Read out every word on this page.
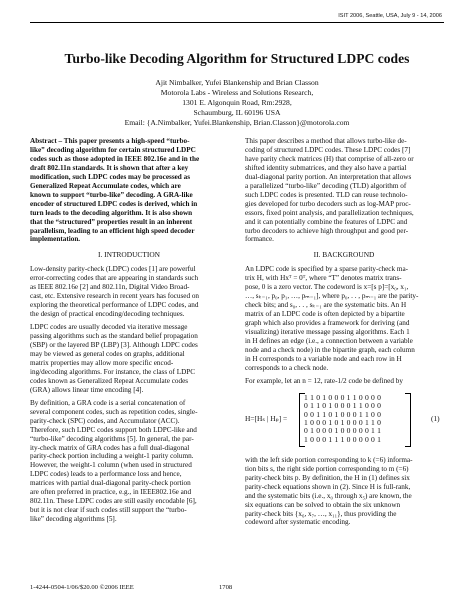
ISIT 2006, Seattle, USA, July 9 - 14, 2006
Turbo-like Decoding Algorithm for Structured LDPC codes
Ajit Nimbalker, Yufei Blankenship and Brian Classon
Motorola Labs - Wireless and Solutions Research,
1301 E. Algonquin Road, Rm:2928,
Schaumburg, IL 60196 USA
Email: {A.Nimbalker, Yufei.Blankenship, Brian.Classon}@motorola.com

Abstract – This paper presents a high-speed “turbo-

like” decoding algorithm for certain structured LDPC

codes such as those adopted in IEEE 802.16e and in the

draft 802.11n standards. It is shown that after a key

modification, such LDPC codes may be processed as

Generalized Repeat Accumulate codes, which are

known to support “turbo-like” decoding. A GRA-like

encoder of structured LDPC codes is derived, which in

turn leads to the decoding algorithm. It is also shown

that the “structured” properties result in an inherent

parallelism, leading to an efficient high speed decoder

implementation.

I. INTRODUCTION

Low-density parity-check (LDPC) codes [1] are powerful

error-correcting codes that are appearing in standards such

as IEEE 802.16e [2] and 802.11n, Digital Video Broad-

cast, etc. Extensive research in recent years has focused on

exploring the theoretical performance of LDPC codes, and

the design of practical encoding/decoding techniques.

LDPC codes are usually decoded via iterative message

passing algorithms such as the standard belief propagation

(SBP) or the layered BP (LBP) [3]. Although LDPC codes

may be viewed as general codes on graphs, additional

matrix properties may allow more specific encod-

ing/decoding algorithms. For instance, the class of LDPC

codes known as Generalized Repeat Accumulate codes

(GRA) allows linear time encoding [4].

By definition, a GRA code is a serial concatenation of

several component codes, such as repetition codes, single-

parity-check (SPC) codes, and Accumulator (ACC).

Therefore, such LDPC codes support both LDPC-like and

“turbo-like” decoding algorithms [5]. In general, the par-

ity-check matrix of GRA codes has a full dual-diagonal

parity-check portion including a weight-1 parity column.

However, the weight-1 column (when used in structured

LDPC codes) leads to a performance loss and hence,

matrices with partial dual-diagonal parity-check portion

are often preferred in practice, e.g., in IEEE802.16e and

802.11n. These LDPC codes are still easily encodable [6],

but it is not clear if such codes still support the “turbo-

like” decoding algorithms [5].

This paper describes a method that allows turbo-like de-

coding of structured LDPC codes. These LDPC codes [7]

have parity check matrices (H) that comprise of all-zero or

shifted identity submatrices, and they also have a partial

dual-diagonal parity portion. An interpretation that allows

a parallelized “turbo-like” decoding (TLD) algorithm of

such LDPC codes is presented. TLD can reuse technolo-

gies developed for turbo decoders such as log-MAP proc-

essors, fixed point analysis, and parallelization techniques,

and it can potentially combine the features of LDPC and

turbo decoders to achieve high throughput and good per-

formance.

II. BACKGROUND

An LDPC code is specified by a sparse parity-check ma-

trix H, with Hxᵀ = 0ᵀ, where “T” denotes matrix trans-

pose, 0 is a zero vector. The codeword is x=[s p]=[x₀, x₁,

…, sₖ₋₁, p₀, p₁, …, pₘ₋₁], where p₀, . . , pₘ₋₁ are the parity-

check bits; and s₀, . . , sₖ₋₁ are the systematic bits. An H

matrix of an LDPC code is often depicted by a bipartite

graph which also provides a framework for deriving (and

visualizing) iterative message passing algorithms. Each 1

in H defines an edge (i.e., a connection between a variable

node and a check node) in the bipartite graph, each column

in H corresponds to a variable node and each row in H

corresponds to a check node.

For example, let an n = 12, rate-1/2 code be defined by

H=[Hₛ | Hₚ] =
1 1 0 1 0 0 0 1 1 0 0 0 0
0 1 1 0 1 0 0 0 1 1 0 0 0
0 0 1 1 0 1 0 0 0 1 1 0 0
1 0 0 0 1 0 1 0 0 0 1 1 0
0 1 0 0 0 1 0 0 0 0 0 1 1
1 0 0 0 1 1 1 0 0 0 0 0 1
(1)

with the left side portion corresponding to k (=6) informa-

tion bits s, the right side portion corresponding to m (=6)

parity-check bits p. By definition, the H in (1) defines six

parity-check equations shown in (2). Since H is full-rank,

and the systematic bits (i.e., x₀ through x₅) are known, the

six equations can be solved to obtain the six unknown

parity-check bits {x₆, x₇, …, x₁₁}, thus providing the

codeword after systematic encoding.

1-4244-0504-1/06/$20.00 ©2006 IEEE	1708
